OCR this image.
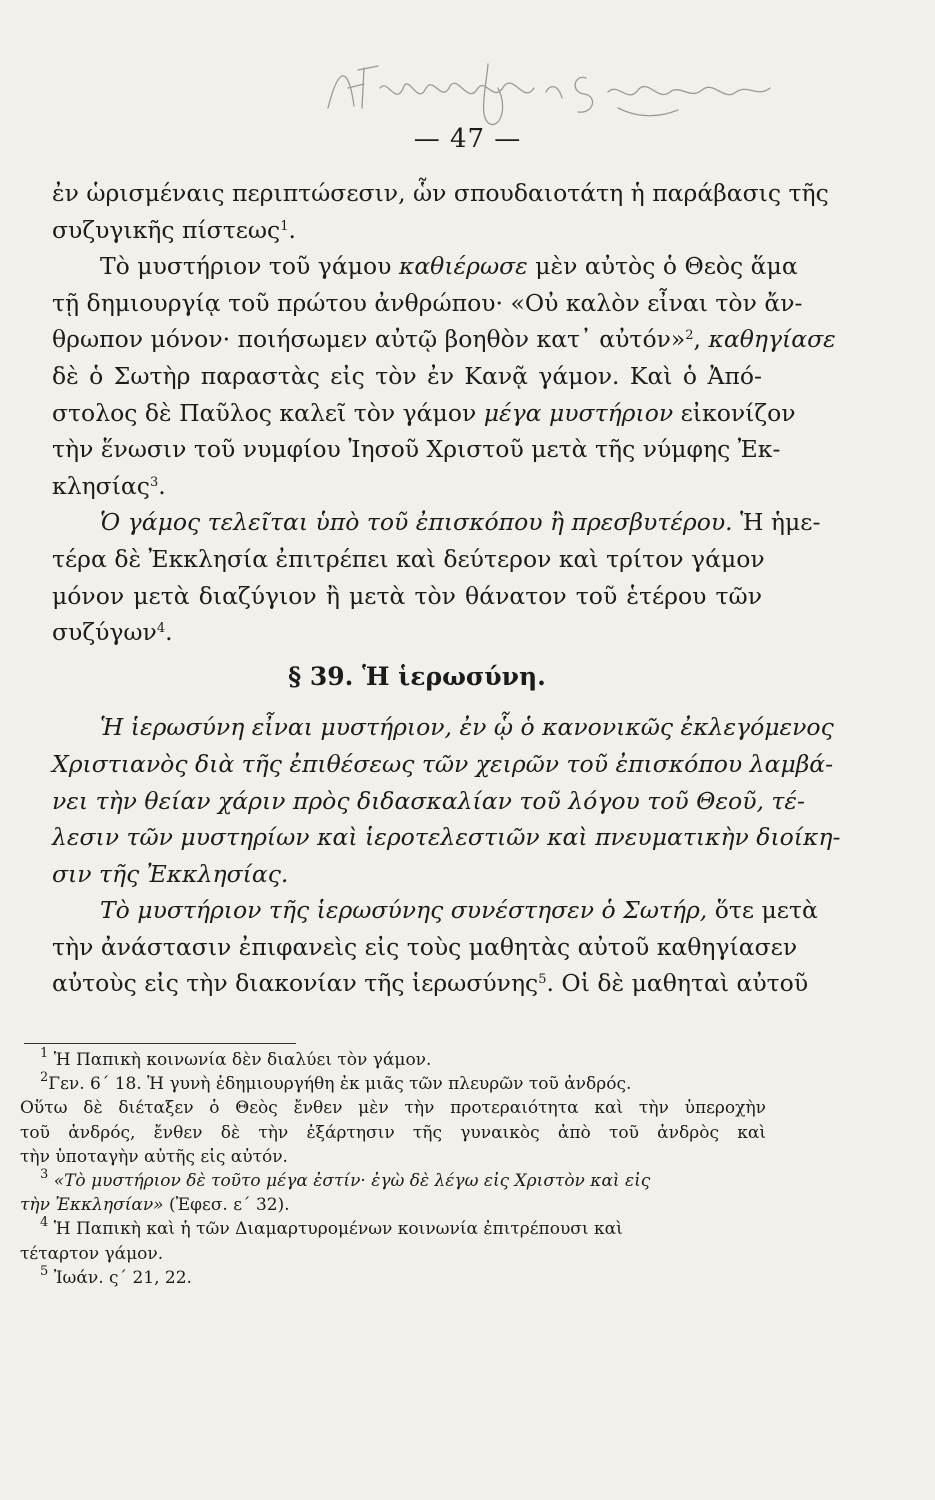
— 47 —
ἐν ὡρισμέναις περιπτώσεσιν, ὧν σπουδαιοτάτη ἡ παράβασις τῆς
συζυγικῆς πίστεως$^1$.
Τὸ μυστήριον τοῦ γάμου καθιέρωσε μὲν αὐτὸς ὁ Θεὸς ἅμα
τῇ δημιουργίᾳ τοῦ πρώτου ἀνθρώπου· «Οὐ καλὸν εἶναι τὸν ἄν-
θρωπον μόνον· ποιήσωμεν αὐτῷ βοηθὸν κατ᾽ αὐτόν»$^2$, καθηγίασε
δὲ ὁ Σωτὴρ παραστὰς εἰς τὸν ἐν Κανᾷ γάμον. Καὶ ὁ Ἀπό-
στολος δὲ Παῦλος καλεῖ τὸν γάμον μέγα μυστήριον εἰκονίζον
τὴν ἕνωσιν τοῦ νυμφίου Ἰησοῦ Χριστοῦ μετὰ τῆς νύμφης Ἐκ-
κλησίας$^3$.
Ὁ γάμος τελεῖται ὑπὸ τοῦ ἐπισκόπου ἢ πρεσβυτέρου. Ἡ ἡμε-
τέρα δὲ Ἐκκλησία ἐπιτρέπει καὶ δεύτερον καὶ τρίτον γάμον
μόνον μετὰ διαζύγιον ἢ μετὰ τὸν θάνατον τοῦ ἑτέρου τῶν
συζύγων$^4$.
§ 39. Ἡ ἱερωσύνη.
Ἡ ἱερωσύνη εἶναι μυστήριον, ἐν ᾧ ὁ κανονικῶς ἐκλεγόμενος
Χριστιανὸς διὰ τῆς ἐπιθέσεως τῶν χειρῶν τοῦ ἐπισκόπου λαμβά-
νει τὴν θείαν χάριν πρὸς διδασκαλίαν τοῦ λόγου τοῦ Θεοῦ, τέ-
λεσιν τῶν μυστηρίων καὶ ἱεροτελεστιῶν καὶ πνευματικὴν διοίκη-
σιν τῆς Ἐκκλησίας.
Τὸ μυστήριον τῆς ἱερωσύνης συνέστησεν ὁ Σωτήρ, ὅτε μετὰ
τὴν ἀνάστασιν ἐπιφανεὶς εἰς τοὺς μαθητὰς αὐτοῦ καθηγίασεν
αὐτοὺς εἰς τὴν διακονίαν τῆς ἱερωσύνης$^5$. Οἱ δὲ μαθηταὶ αὐτοῦ
$^1$ Ἡ Παπικὴ κοινωνία δὲν διαλύει τὸν γάμον.
$^2$Γεν. 6΄ 18. Ἡ γυνὴ ἐδημιουργήθη ἐκ μιᾶς τῶν πλευρῶν τοῦ ἀνδρός.
Οὕτω δὲ διέταξεν ὁ Θεὸς ἔνθεν μὲν τὴν προτεραιότητα καὶ τὴν ὑπεροχὴν
τοῦ ἀνδρός, ἔνθεν δὲ τὴν ἐξάρτησιν τῆς γυναικὸς ἀπὸ τοῦ ἀνδρὸς καὶ
τὴν ὑποταγὴν αὐτῆς εἰς αὐτόν.
$^3$ «Τὸ μυστήριον δὲ τοῦτο μέγα ἐστίν· ἐγὼ δὲ λέγω εἰς Χριστὸν καὶ εἰς
τὴν Ἐκκλησίαν» (Ἐφεσ. ε΄ 32).
$^4$ Ἡ Παπικὴ καὶ ἡ τῶν Διαμαρτυρομένων κοινωνία ἐπιτρέπουσι καὶ
τέταρτον γάμον.
$^5$ Ἰωάν. ς΄ 21, 22.
